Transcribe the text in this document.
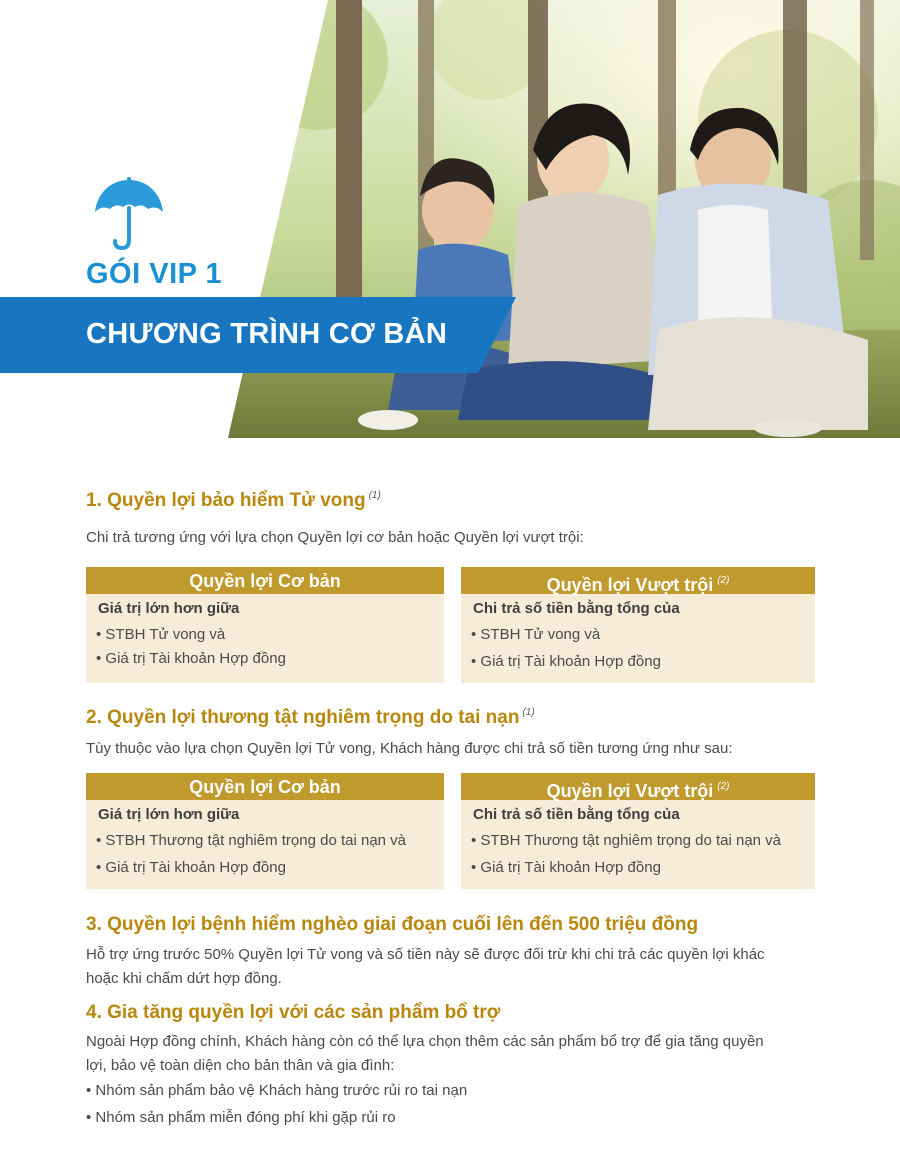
GÓI VIP 1
CHƯƠNG TRÌNH CƠ BẢN
1. Quyền lợi bảo hiểm Tử vong $^{(1)}$
Chi trả tương ứng với lựa chọn Quyền lợi cơ bản hoặc Quyền lợi vượt trội:
Quyền lợi Cơ bản
Giá trị lớn hơn giữa
• STBH Tử vong và
• Giá trị Tài khoản Hợp đồng
Quyền lợi Vượt trội $^{(2)}$
Chi trả số tiền bằng tổng của
• STBH Tử vong và
• Giá trị Tài khoản Hợp đồng
2. Quyền lợi thương tật nghiêm trọng do tai nạn $^{(1)}$
Tùy thuộc vào lựa chọn Quyền lợi Tử vong, Khách hàng được chi trả số tiền tương ứng như sau:
Quyền lợi Cơ bản
Giá trị lớn hơn giữa
• STBH Thương tật nghiêm trọng do tai nạn và
• Giá trị Tài khoản Hợp đồng
Quyền lợi Vượt trội $^{(2)}$
Chi trả số tiền bằng tổng của
• STBH Thương tật nghiêm trọng do tai nạn và
• Giá trị Tài khoản Hợp đồng
3. Quyền lợi bệnh hiểm nghèo giai đoạn cuối lên đến 500 triệu đồng
Hỗ trợ ứng trước 50% Quyền lợi Tử vong và số tiền này sẽ được đối trừ khi chi trả các quyền lợi khác
hoặc khi chấm dứt hợp đồng.
4. Gia tăng quyền lợi với các sản phẩm bổ trợ
Ngoài Hợp đồng chính, Khách hàng còn có thể lựa chọn thêm các sản phẩm bổ trợ để gia tăng quyền
lợi, bảo vệ toàn diện cho bản thân và gia đình:
• Nhóm sản phẩm bảo vệ Khách hàng trước rủi ro tai nạn
• Nhóm sản phẩm miễn đóng phí khi gặp rủi ro
